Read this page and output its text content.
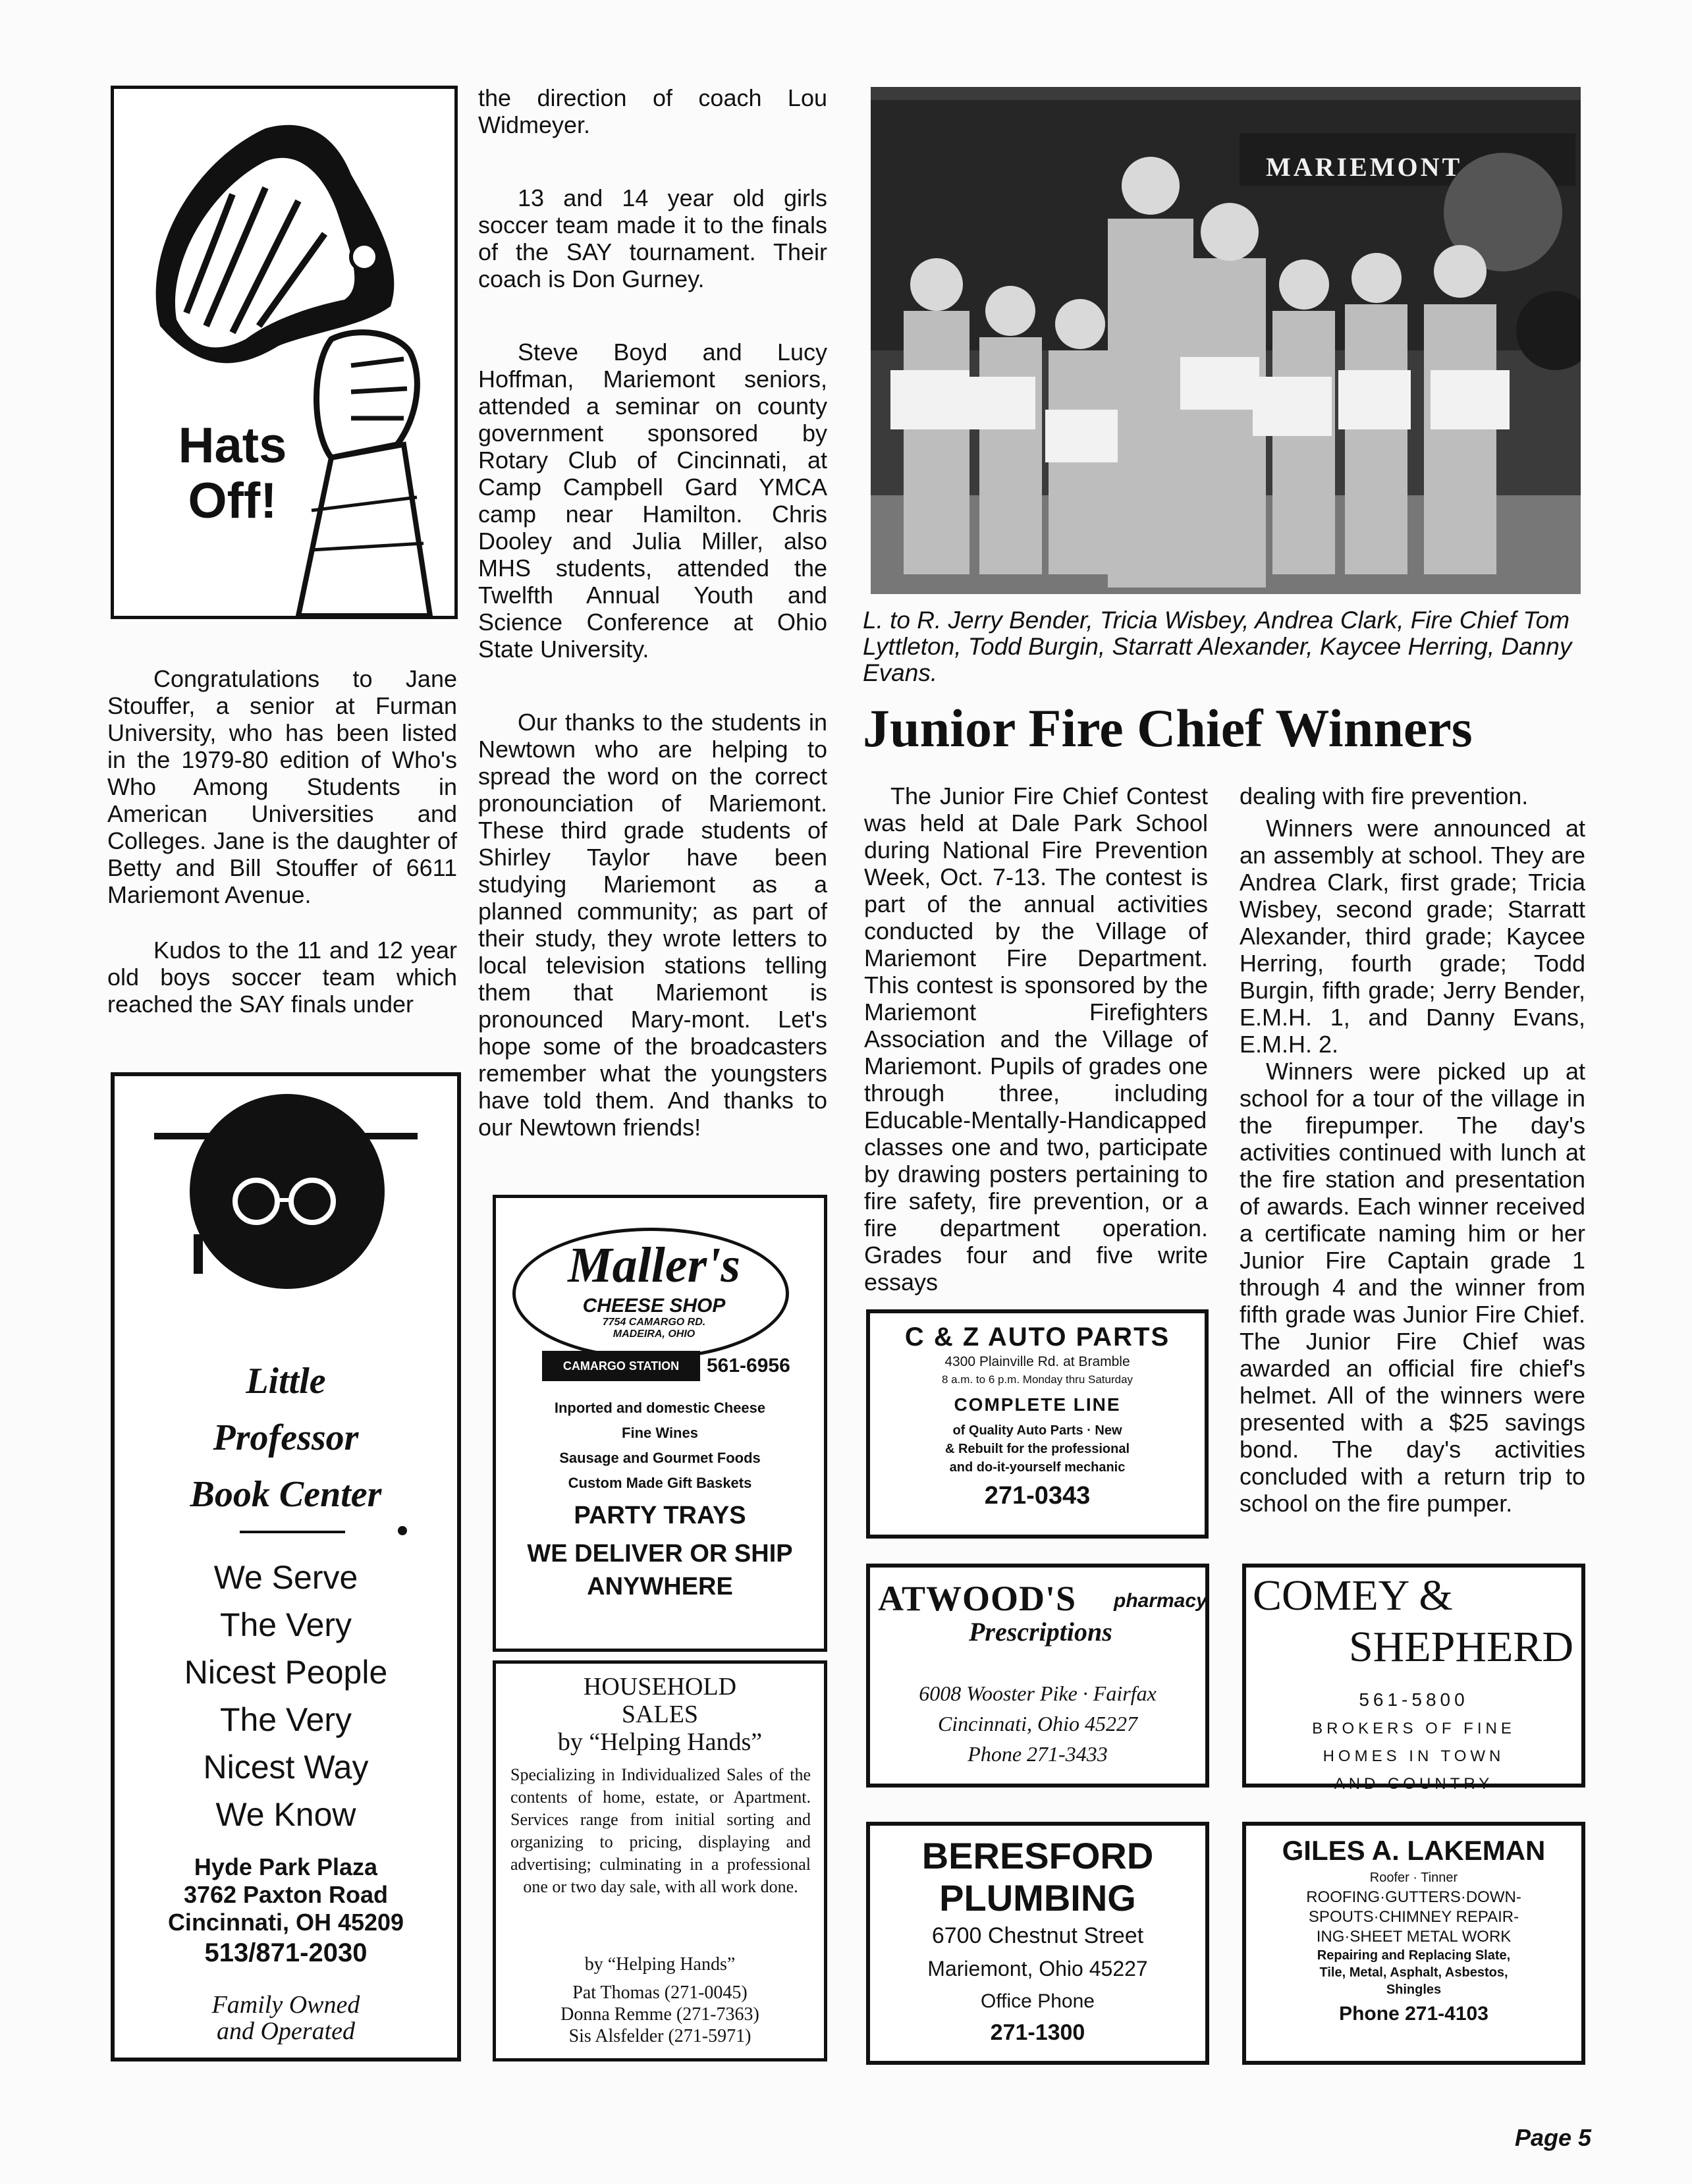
Hats
Off!

Congratulations to Jane Stouffer, a senior at Furman University, who has been listed in the 1979-80 edition of Who's Who Among Students in American Universities and Colleges. Jane is the daughter of Betty and Bill Stouffer of 6611 Mariemont Avenue.

Kudos to the 11 and 12 year old boys soccer team which reached the SAY finals under

Little
Professor
Book Center
We Serve
The Very
Nicest People
The Very
Nicest Way
We Know
Hyde Park Plaza
3762 Paxton Road
Cincinnati, OH 45209
513/871-2030
Family Owned
and Operated

the direction of coach Lou Widmeyer.

13 and 14 year old girls soccer team made it to the finals of the SAY tournament. Their coach is Don Gurney.

Steve Boyd and Lucy Hoffman, Mariemont seniors, attended a seminar on county government sponsored by Rotary Club of Cincinnati, at Camp Campbell Gard YMCA camp near Hamilton. Chris Dooley and Julia Miller, also MHS students, attended the Twelfth Annual Youth and Science Conference at Ohio State University.

Our thanks to the students in Newtown who are helping to spread the word on the correct pronounciation of Mariemont. These third grade students of Shirley Taylor have been studying Mariemont as a planned community; as part of their study, they wrote letters to local television stations telling them that Mariemont is pronounced Mary-mont. Let's hope some of the broadcasters remember what the youngsters have told them. And thanks to our Newtown friends!

Maller's
CHEESE SHOP
7754 CAMARGO RD.
MADEIRA, OHIO
CAMARGO STATION	561-6956
Inported and domestic Cheese
Fine Wines
Sausage and Gourmet Foods
Custom Made Gift Baskets
PARTY TRAYS
WE DELIVER OR SHIP
ANYWHERE
HOUSEHOLD
SALES
by “Helping Hands”
Specializing in Individualized Sales of the contents of home, estate, or Apartment. Services range from initial sorting and organizing to pricing, displaying and advertising; culminating in a professional one or two day sale, with all work done.
by “Helping Hands”
Pat Thomas (271-0045)
Donna Remme (271-7363)
Sis Alsfelder (271-5971)
MARIEMONT
L. to R. Jerry Bender, Tricia Wisbey, Andrea Clark, Fire Chief Tom Lyttleton, Todd Burgin, Starratt Alexander, Kaycee Herring, Danny Evans.
Junior Fire Chief Winners

The Junior Fire Chief Contest was held at Dale Park School during National Fire Prevention Week, Oct. 7-13. The contest is part of the annual activities conducted by the Village of Mariemont Fire Department. This contest is sponsored by the Mariemont Firefighters Association and the Village of Mariemont. Pupils of grades one through three, including Educable-Mentally-Handicapped classes one and two, participate by drawing posters pertaining to fire safety, fire prevention, or a fire department operation. Grades four and five write essays

dealing with fire prevention.

Winners were announced at an assembly at school. They are Andrea Clark, first grade; Tricia Wisbey, second grade; Starratt Alexander, third grade; Kaycee Herring, fourth grade; Todd Burgin, fifth grade; Jerry Bender, E.M.H. 1, and Danny Evans, E.M.H. 2.

Winners were picked up at school for a tour of the village in the firepumper. The day's activities continued with lunch at the fire station and presentation of awards. Each winner received a certificate naming him or her Junior Fire Captain grade 1 through 4 and the winner from fifth grade was Junior Fire Chief. The Junior Fire Chief was awarded an official fire chief's helmet. All of the winners were presented with a $25 savings bond. The day's activities concluded with a return trip to school on the fire pumper.

C & Z AUTO PARTS
4300 Plainville Rd. at Bramble
8 a.m. to 6 p.m. Monday thru Saturday
COMPLETE LINE
of Quality Auto Parts · New
& Rebuilt for the professional
and do-it-yourself mechanic
271-0343
ATWOOD'S pharmacy
Prescriptions
6008 Wooster Pike · Fairfax
Cincinnati, Ohio 45227
Phone 271-3433
BERESFORD
PLUMBING
6700 Chestnut Street
Mariemont, Ohio 45227
Office Phone
271-1300
COMEY &
SHEPHERD
561-5800
BROKERS OF FINE
HOMES IN TOWN
AND COUNTRY
GILES A. LAKEMAN
Roofer · Tinner
ROOFING·GUTTERS·DOWN-
SPOUTS·CHIMNEY REPAIR-
ING·SHEET METAL WORK
Repairing and Replacing Slate,
Tile, Metal, Asphalt, Asbestos,
Shingles
Phone 271-4103
Page 5
